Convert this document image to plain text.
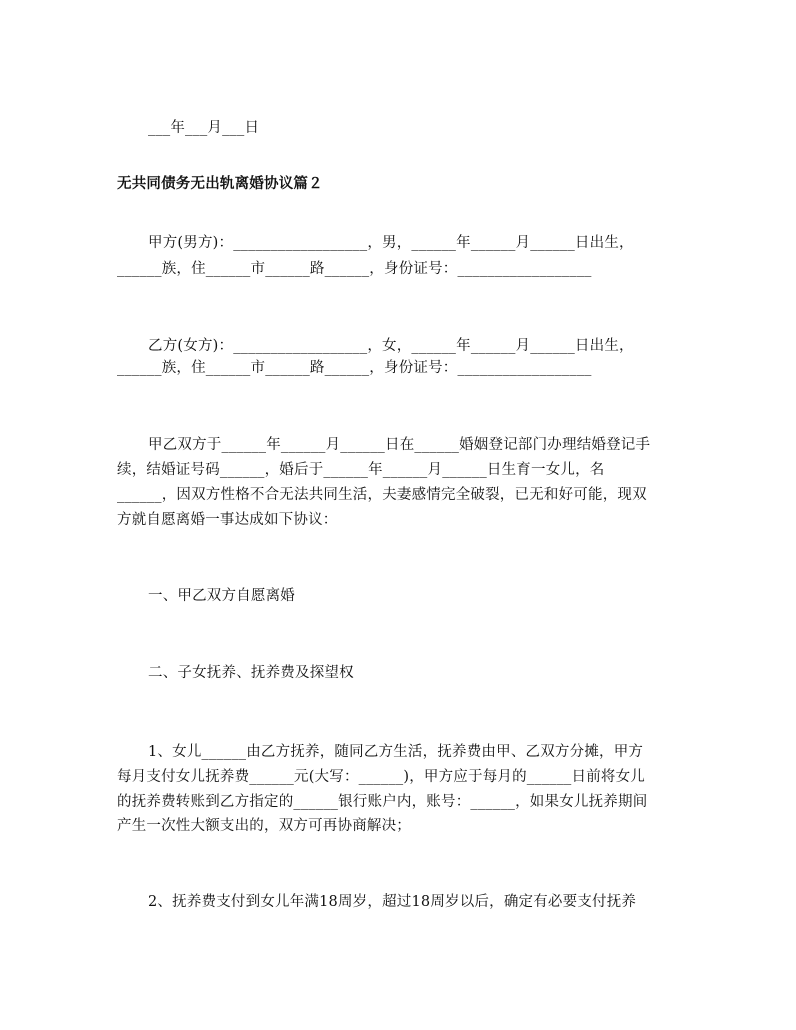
___年___月___日
无共同债务无出轨离婚协议篇２
甲方(男方)：__________________，男，______年______月______日出生，
______族，住______市______路______，身份证号：__________________
乙方(女方)：__________________，女，______年______月______日出生，
______族，住______市______路______，身份证号：__________________
甲乙双方于______年______月______日在______婚姻登记部门办理结婚登记手
续，结婚证号码______，婚后于______年______月______日生育一女儿，名
______，因双方性格不合无法共同生活，夫妻感情完全破裂，已无和好可能，现双
方就自愿离婚一事达成如下协议：
一、甲乙双方自愿离婚
二、子女抚养、抚养费及探望权
1、女儿______由乙方抚养，随同乙方生活，抚养费由甲、乙双方分摊，甲方
每月支付女儿抚养费______元(大写：______)，甲方应于每月的______日前将女儿
的抚养费转账到乙方指定的______银行账户内，账号：______，如果女儿抚养期间
产生一次性大额支出的，双方可再协商解决；
2、抚养费支付到女儿年满18周岁，超过18周岁以后，确定有必要支付抚养
